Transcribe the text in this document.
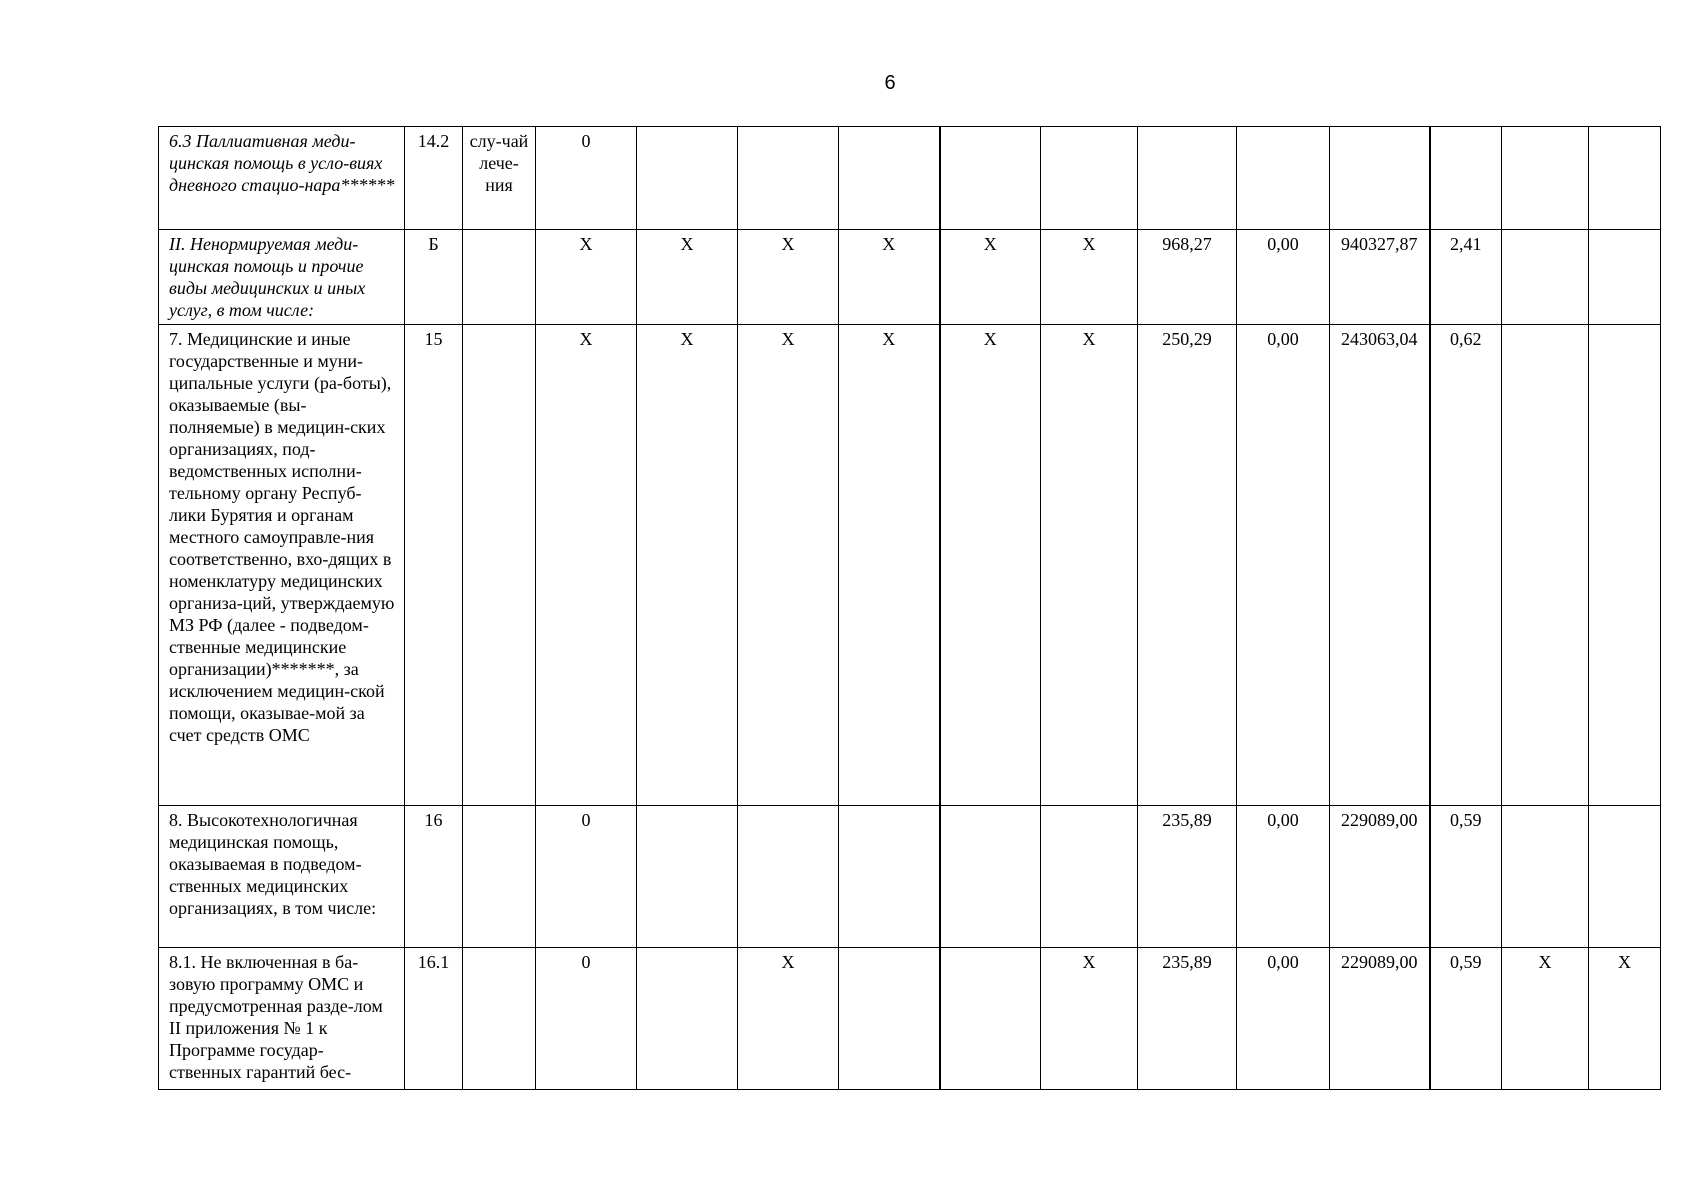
6
6.3 Паллиативная меди-цинская помощь в усло-виях дневного стацио-нара******	14.2	слу-чай лече-ния	0											
II. Ненормируемая меди-цинская помощь и прочие виды медицинских и иных услуг, в том числе:	Б		Х	Х	Х	Х	Х	Х	968,27	0,00	940327,87	2,41		
7. Медицинские и иные государственные и муни-ципальные услуги (ра-боты), оказываемые (вы-полняемые) в медицин-ских организациях, под-ведомственных исполни-тельному органу Респуб-лики Бурятия и органам местного самоуправле-ния соответственно, вхо-дящих в номенклатуру медицинских организа-ций, утверждаемую МЗ РФ (далее - подведом-ственные медицинские организации)*******, за исключением медицин-ской помощи, оказывае-мой за счет средств ОМС	15		Х	Х	Х	Х	Х	Х	250,29	0,00	243063,04	0,62		
8. Высокотехнологичная медицинская помощь, оказываемая в подведом-ственных медицинских организациях, в том числе:	16		0						235,89	0,00	229089,00	0,59		
8.1. Не включенная в ба-зовую программу ОМС и предусмотренная разде-лом II приложения № 1 к Программе государ-ственных гарантий бес-	16.1		0		Х			Х	235,89	0,00	229089,00	0,59	Х	Х
